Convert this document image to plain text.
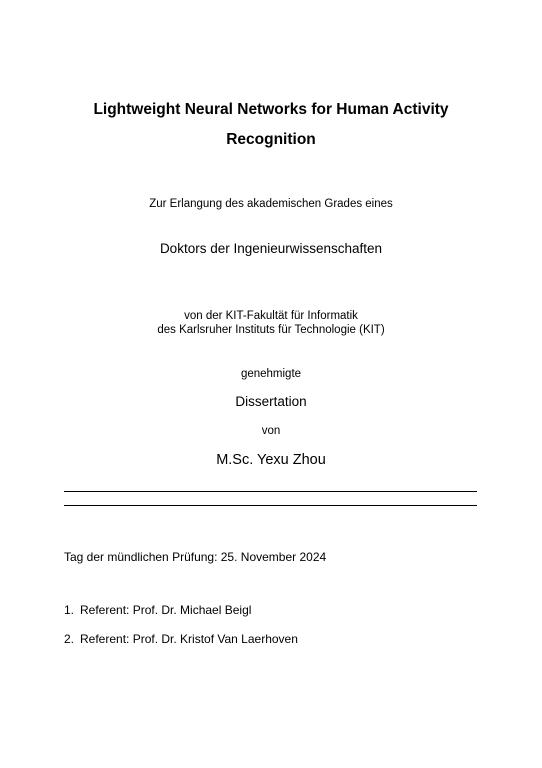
Lightweight Neural Networks for Human Activity
Recognition
Zur Erlangung des akademischen Grades eines
Doktors der Ingenieurwissenschaften
von der KIT-Fakultät für Informatik
des Karlsruher Instituts für Technologie (KIT)
genehmigte
Dissertation
von
M.Sc. Yexu Zhou
Tag der mündlichen Prüfung: 25. November 2024
1. Referent: Prof. Dr. Michael Beigl
2. Referent: Prof. Dr. Kristof Van Laerhoven
